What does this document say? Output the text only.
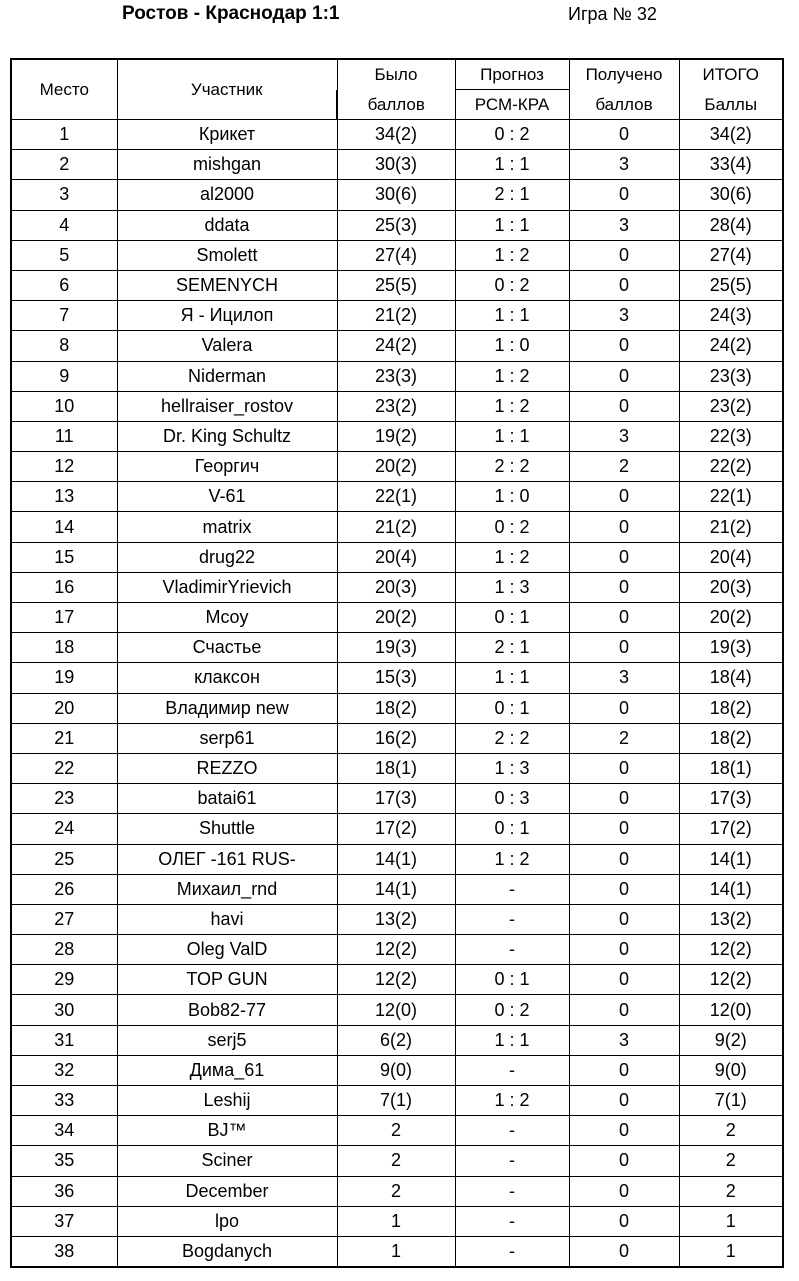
Ростов - Краснодар 1:1	Игра № 32
Место	Участник	Было	Прогноз	Получено	ИТОГО
		баллов	РСМ-КРА	баллов	Баллы
1	Крикет	34(2)	0 : 2	0	34(2)
2	mishgan	30(3)	1 : 1	3	33(4)
3	al2000	30(6)	2 : 1	0	30(6)
4	ddata	25(3)	1 : 1	3	28(4)
5	Smolett	27(4)	1 : 2	0	27(4)
6	SEMENYCH	25(5)	0 : 2	0	25(5)
7	Я - Ицилоп	21(2)	1 : 1	3	24(3)
8	Valera	24(2)	1 : 0	0	24(2)
9	Niderman	23(3)	1 : 2	0	23(3)
10	hellraiser_rostov	23(2)	1 : 2	0	23(2)
11	Dr. King Schultz	19(2)	1 : 1	3	22(3)
12	Георгич	20(2)	2 : 2	2	22(2)
13	V-61	22(1)	1 : 0	0	22(1)
14	matrix	21(2)	0 : 2	0	21(2)
15	drug22	20(4)	1 : 2	0	20(4)
16	VladimirYrievich	20(3)	1 : 3	0	20(3)
17	Mcoy	20(2)	0 : 1	0	20(2)
18	Счастье	19(3)	2 : 1	0	19(3)
19	клаксон	15(3)	1 : 1	3	18(4)
20	Владимир new	18(2)	0 : 1	0	18(2)
21	serp61	16(2)	2 : 2	2	18(2)
22	REZZO	18(1)	1 : 3	0	18(1)
23	batai61	17(3)	0 : 3	0	17(3)
24	Shuttle	17(2)	0 : 1	0	17(2)
25	ОЛЕГ -161 RUS-	14(1)	1 : 2	0	14(1)
26	Михаил_rnd	14(1)	-	0	14(1)
27	havi	13(2)	-	0	13(2)
28	Oleg ValD	12(2)	-	0	12(2)
29	TOP GUN	12(2)	0 : 1	0	12(2)
30	Bob82-77	12(0)	0 : 2	0	12(0)
31	serj5	6(2)	1 : 1	3	9(2)
32	Дима_61	9(0)	-	0	9(0)
33	Leshij	7(1)	1 : 2	0	7(1)
34	BJ™	2	-	0	2
35	Sciner	2	-	0	2
36	December	2	-	0	2
37	lpo	1	-	0	1
38	Bogdanych	1	-	0	1
